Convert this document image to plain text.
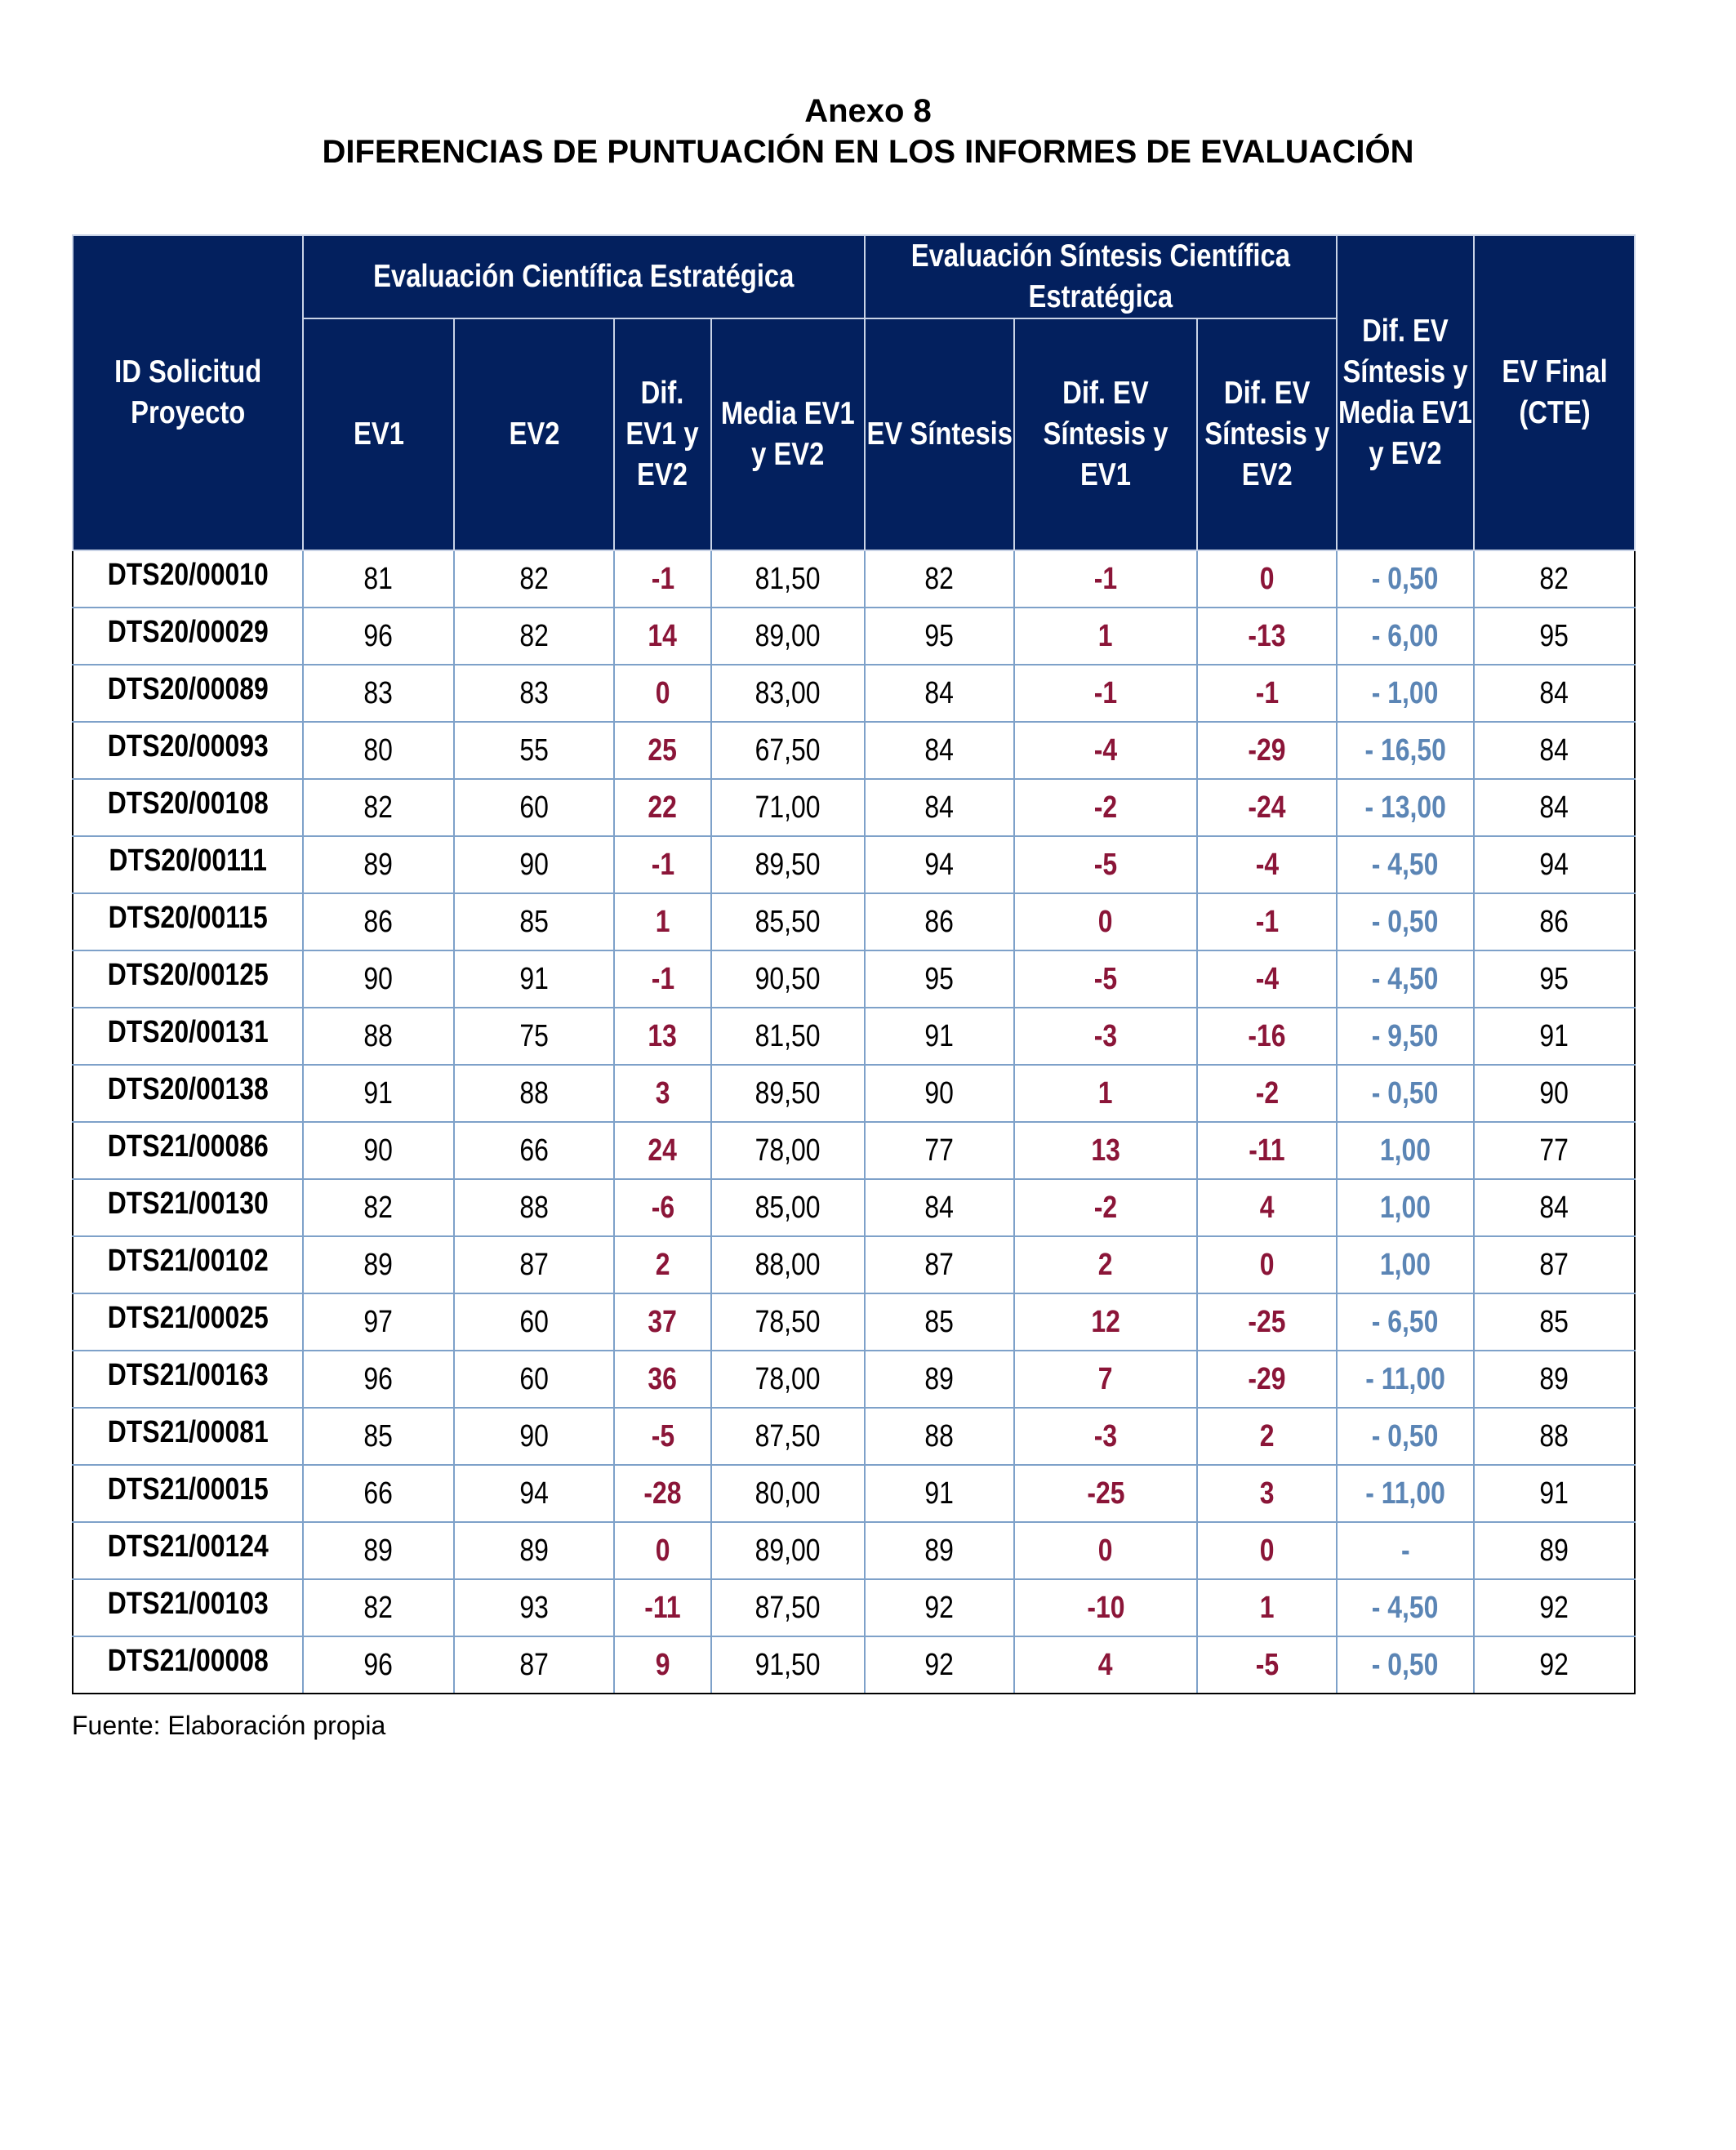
Anexo 8
DIFERENCIAS DE PUNTUACIÓN EN LOS INFORMES DE EVALUACIÓN
ID Solicitud Proyecto	Evaluación Científica Estratégica				Evaluación Síntesis Científica Estratégica			Dif. EV Síntesis y Media EV1 y EV2	EV Final (CTE)
	EV1	EV2	Dif. EV1 y EV2	Media EV1 y EV2	EV Síntesis	Dif. EV Síntesis y EV1	Dif. EV Síntesis y EV2		
DTS20/00010	81	82	-1	81,50	82	-1	0	- 0,50	82
DTS20/00029	96	82	14	89,00	95	1	-13	- 6,00	95
DTS20/00089	83	83	0	83,00	84	-1	-1	- 1,00	84
DTS20/00093	80	55	25	67,50	84	-4	-29	- 16,50	84
DTS20/00108	82	60	22	71,00	84	-2	-24	- 13,00	84
DTS20/00111	89	90	-1	89,50	94	-5	-4	- 4,50	94
DTS20/00115	86	85	1	85,50	86	0	-1	- 0,50	86
DTS20/00125	90	91	-1	90,50	95	-5	-4	- 4,50	95
DTS20/00131	88	75	13	81,50	91	-3	-16	- 9,50	91
DTS20/00138	91	88	3	89,50	90	1	-2	- 0,50	90
DTS21/00086	90	66	24	78,00	77	13	-11	1,00	77
DTS21/00130	82	88	-6	85,00	84	-2	4	1,00	84
DTS21/00102	89	87	2	88,00	87	2	0	1,00	87
DTS21/00025	97	60	37	78,50	85	12	-25	- 6,50	85
DTS21/00163	96	60	36	78,00	89	7	-29	- 11,00	89
DTS21/00081	85	90	-5	87,50	88	-3	2	- 0,50	88
DTS21/00015	66	94	-28	80,00	91	-25	3	- 11,00	91
DTS21/00124	89	89	0	89,00	89	0	0	-	89
DTS21/00103	82	93	-11	87,50	92	-10	1	- 4,50	92
DTS21/00008	96	87	9	91,50	92	4	-5	- 0,50	92
Fuente: Elaboración propia
